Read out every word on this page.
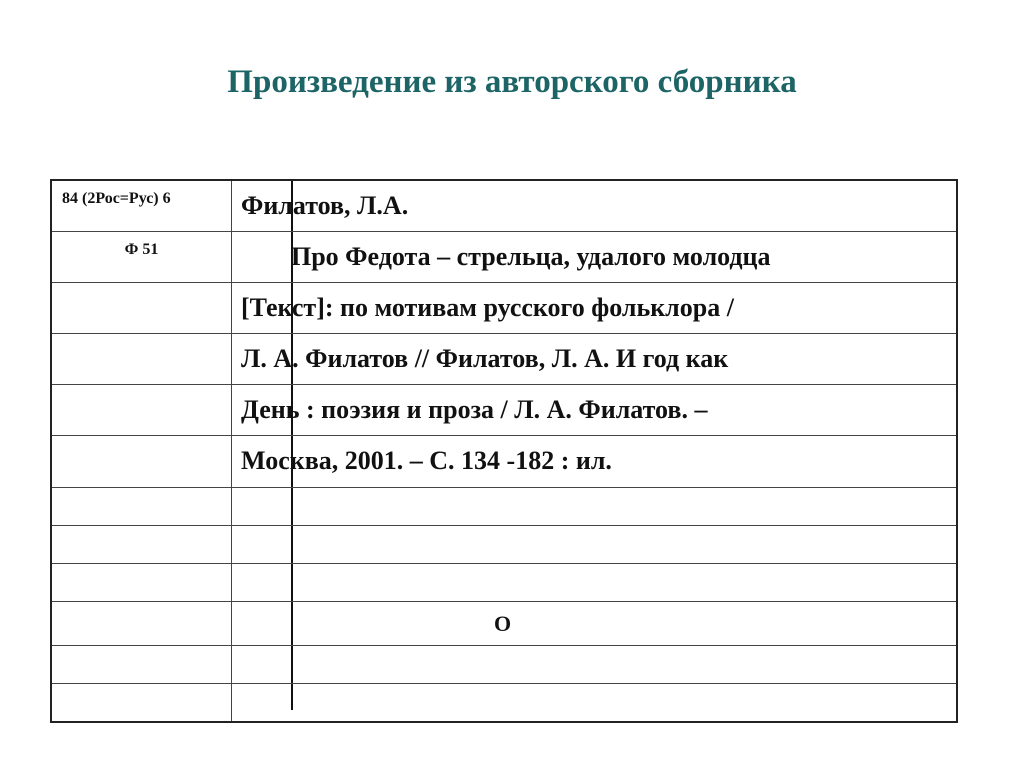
Произведение из авторского сборника
84 (2Рос=Рус) 6
Ф 51
Филатов, Л.А.
Про Федота – стрельца, удалого молодца
[Текст]: по мотивам русского фольклора /
Л. А. Филатов // Филатов, Л. А. И год как
День : поэзия и проза / Л. А. Филатов. –
Москва, 2001. – С. 134 -182 : ил.
О
